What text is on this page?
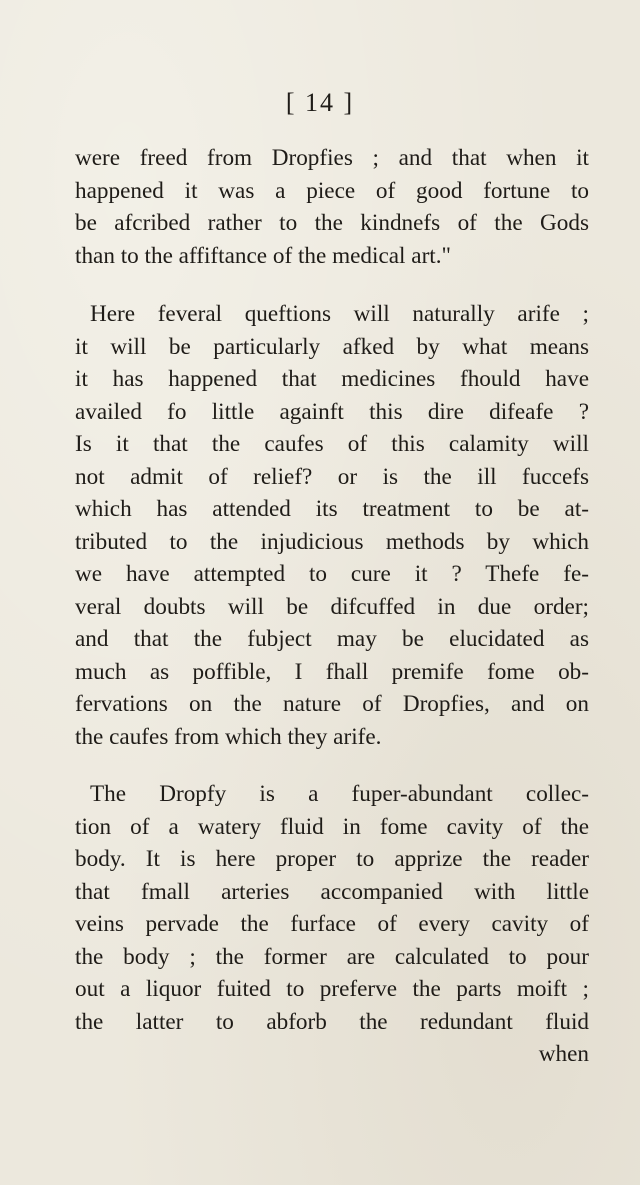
[ 14 ]
were freed from Dropfies ; and that when it
happened it was a piece of good fortune to
be afcribed rather to the kindnefs of the Gods
than to the affiftance of the medical art."
Here feveral queftions will naturally arife ;
it will be particularly afked by what means
it has happened that medicines fhould have
availed fo little againft this dire difeafe ?
Is it that the caufes of this calamity will
not admit of relief? or is the ill fuccefs
which has attended its treatment to be at-
tributed to the injudicious methods by which
we have attempted to cure it ? Thefe fe-
veral doubts will be difcuffed in due order;
and that the fubject may be elucidated as
much as poffible, I fhall premife fome ob-
fervations on the nature of Dropfies, and on
the caufes from which they arife.
The Dropfy is a fuper-abundant collec-
tion of a watery fluid in fome cavity of the
body. It is here proper to apprize the reader
that fmall arteries accompanied with little
veins pervade the furface of every cavity of
the body ; the former are calculated to pour
out a liquor fuited to preferve the parts moift ;
the latter to abforb the redundant fluid
when
